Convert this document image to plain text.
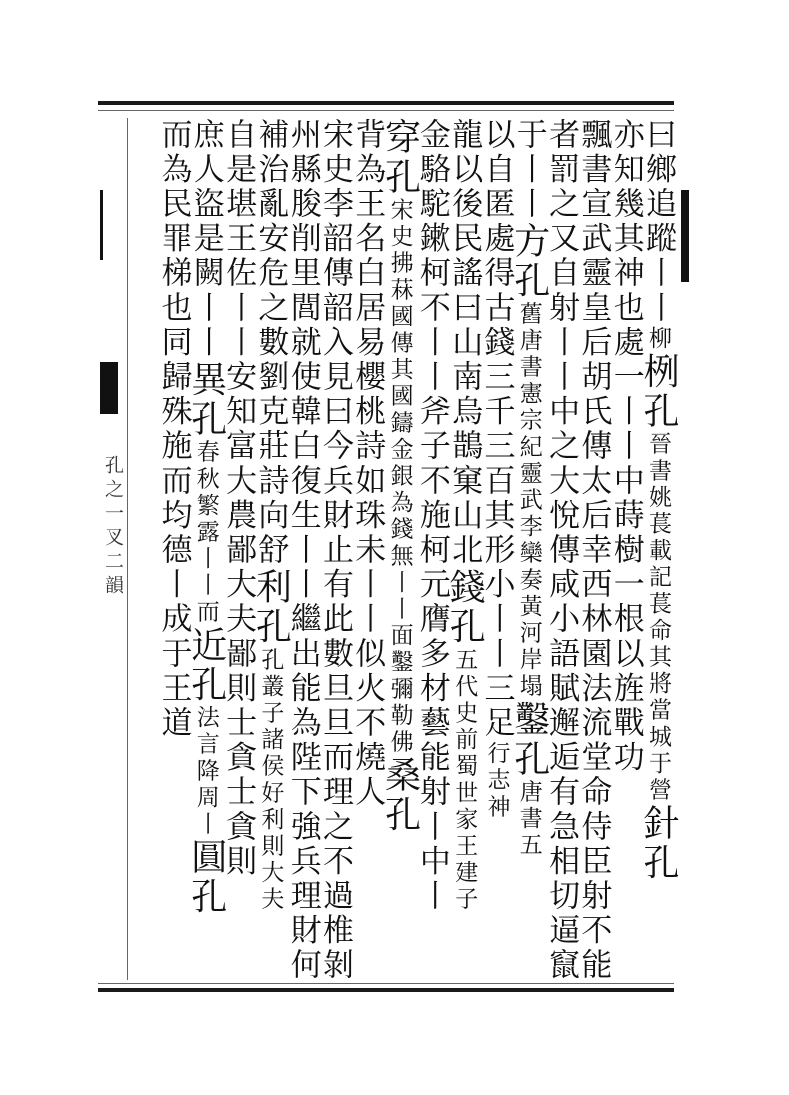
孔之一叉二韻
曰鄉追蹤丨丨柳栵孔晉書姚萇載記萇命其將當城于營針孔
亦知幾其神也處一丨丨中蒔樹一根以旌戰功
飄書宣武靈皇后胡氏傳太后幸西林園法流堂命侍臣射不能
者罰之又自射丨丨中之大悅傳咸小語賦邂逅有急相切逼竄
于丨丨方孔舊唐書憲宗紀靈武李欒奏黃河岸塌鑿孔唐書五
以自匿處得古錢三千三百其形小丨丨三足行志神
龍以後民謠曰山南烏鵲窠山北錢孔五代史前蜀世家王建子
金駱駝鏉柯不丨丨斧子不施柯元膺多材藝能射丨中丨
穿孔宋史拂菻國傳其國鑄金銀為錢無丨丨面鑿彌勒佛桑孔
背為王名白居易櫻桃詩如珠未丨丨似火不燒人
宋史李韶傳韶入見曰今兵財止有此數旦旦而理之不過椎剝
州縣朘削里閭就使韓白復生丨丨繼出能為陛下強兵理財何
補治亂安危之數劉克莊詩向舒利孔孔叢子諸侯好利則大夫
自是堪王佐丨丨安知富大農鄙大夫鄙則士貪士貪則
庶人盜是闕丨丨異孔春秋繁露丨丨而近孔法言降周丨圓孔
而為民罪梯也同歸殊施而均德丨成于王道
